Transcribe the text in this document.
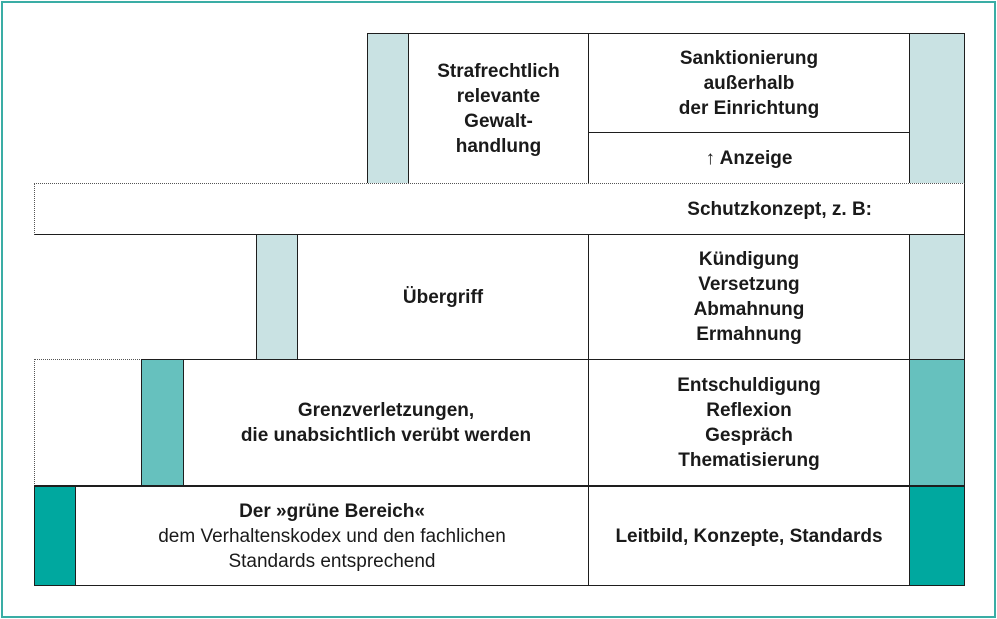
Strafrechtlich
relevante
Gewalt-
handlung
Sanktionierung
außerhalb
der Einrichtung
↑ Anzeige
Schutzkonzept, z. B:
Übergriff
Kündigung
Versetzung
Abmahnung
Ermahnung
Grenzverletzungen,
die unabsichtlich verübt werden
Entschuldigung
Reflexion
Gespräch
Thematisierung
Der »grüne Bereich«
dem Verhaltenskodex und den fachlichen
Standards entsprechend
Leitbild, Konzepte, Standards
